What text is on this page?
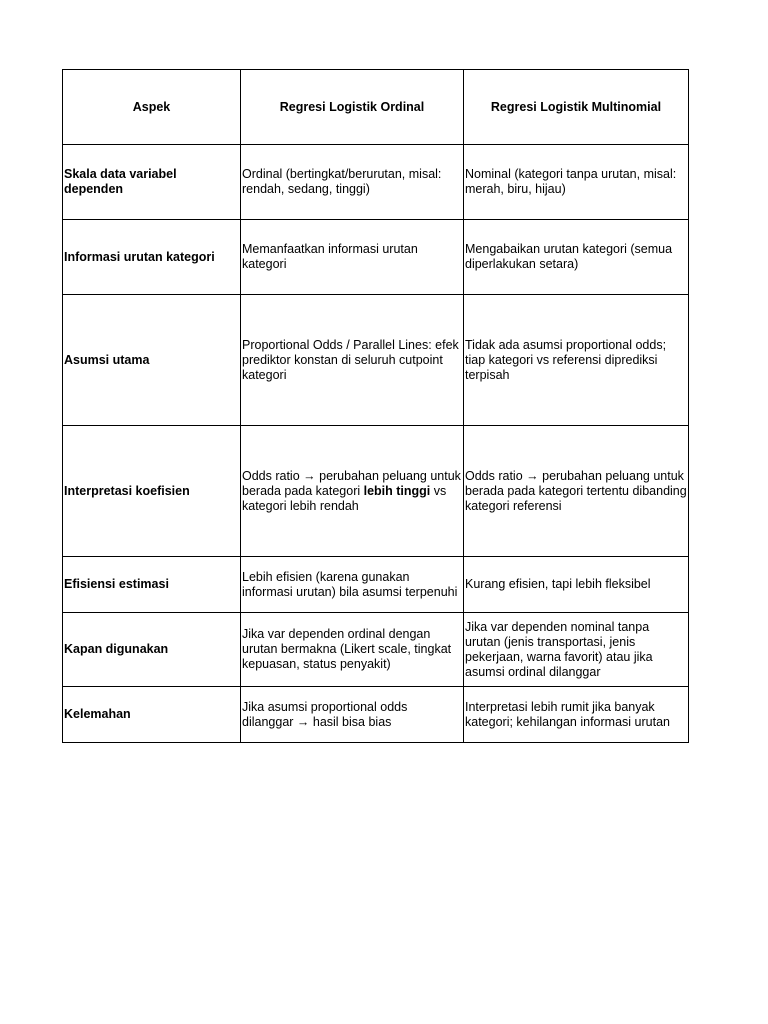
Aspek	Regresi Logistik Ordinal	Regresi Logistik Multinomial
Skala data variabel dependen	Ordinal (bertingkat/berurutan, misal: rendah, sedang, tinggi)	Nominal (kategori tanpa urutan, misal: merah, biru, hijau)
Informasi urutan kategori	Memanfaatkan informasi urutan kategori	Mengabaikan urutan kategori (semua diperlakukan setara)
Asumsi utama	Proportional Odds / Parallel Lines: efek prediktor konstan di seluruh cutpoint kategori	Tidak ada asumsi proportional odds; tiap kategori vs referensi diprediksi terpisah
Interpretasi koefisien	Odds ratio → perubahan peluang untuk berada pada kategori lebih tinggi vs kategori lebih rendah	Odds ratio → perubahan peluang untuk berada pada kategori tertentu dibanding kategori referensi
Efisiensi estimasi	Lebih efisien (karena gunakan informasi urutan) bila asumsi terpenuhi	Kurang efisien, tapi lebih fleksibel
Kapan digunakan	Jika var dependen ordinal dengan urutan bermakna (Likert scale, tingkat kepuasan, status penyakit)	Jika var dependen nominal tanpa urutan (jenis transportasi, jenis pekerjaan, warna favorit) atau jika asumsi ordinal dilanggar
Kelemahan	Jika asumsi proportional odds dilanggar → hasil bisa bias	Interpretasi lebih rumit jika banyak kategori; kehilangan informasi urutan
